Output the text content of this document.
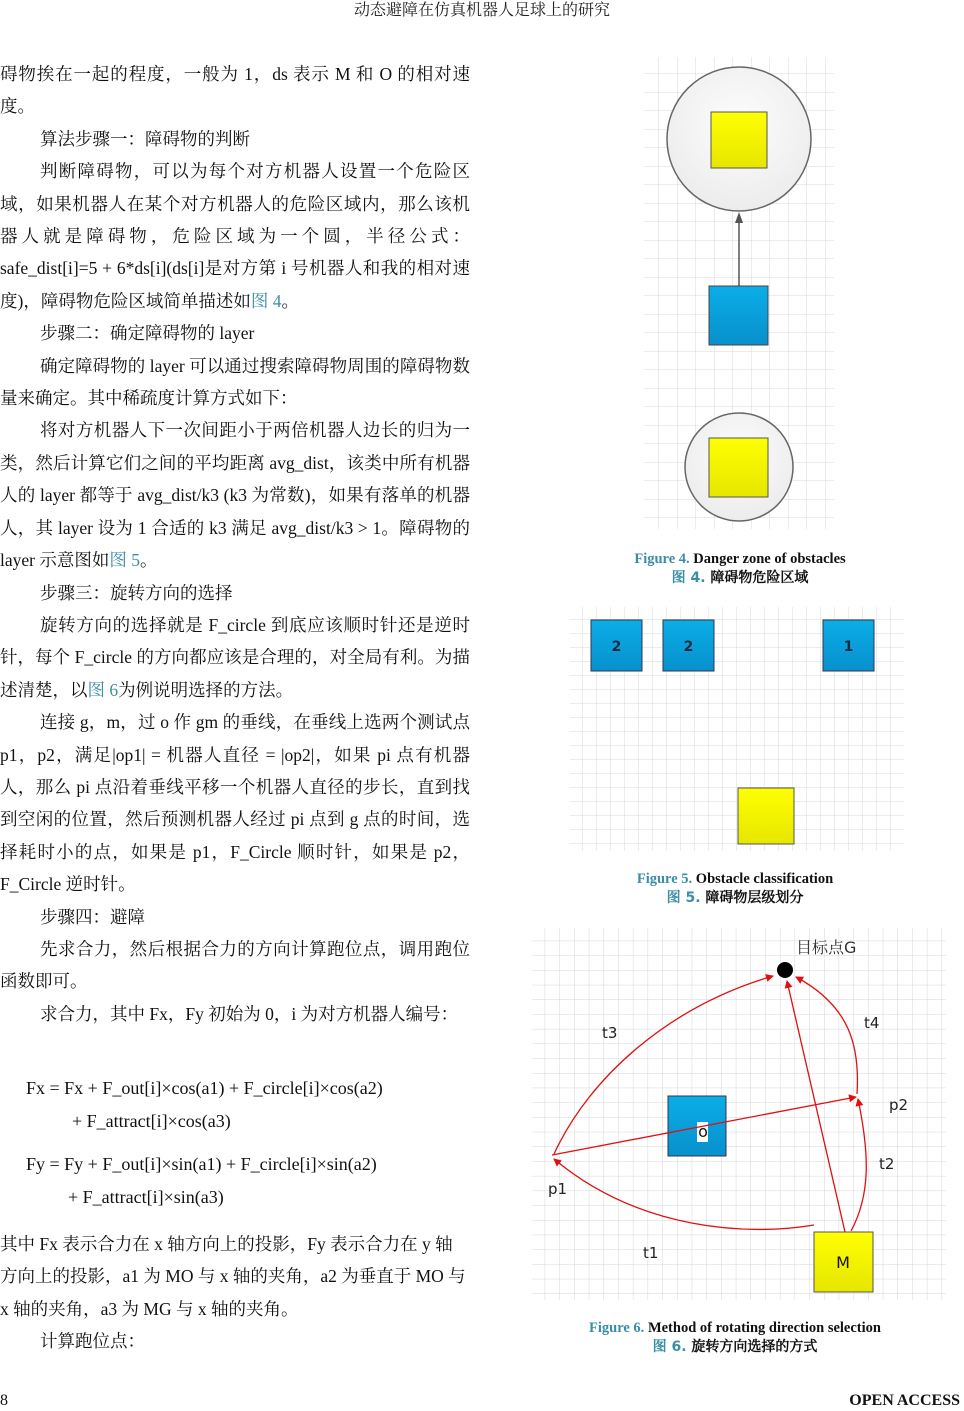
动态避障在仿真机器人足球上的研究

碍物挨在一起的程度，一般为 1，ds 表示 M 和 O 的相对速度。

算法步骤一：障碍物的判断

判断障碍物，可以为每个对方机器人设置一个危险区域，如果机器人在某个对方机器人的危险区域内，那么该机器人就是障碍物，危险区域为一个圆，半径公式：safe_dist[i]=5 + 6*ds[i](ds[i]是对方第 i 号机器人和我的相对速度)，障碍物危险区域简单描述如图 4。

步骤二：确定障碍物的 layer

确定障碍物的 layer 可以通过搜索障碍物周围的障碍物数量来确定。其中稀疏度计算方式如下：

将对方机器人下一次间距小于两倍机器人边长的归为一类，然后计算它们之间的平均距离 avg_dist，该类中所有机器人的 layer 都等于 avg_dist/k3 (k3 为常数)，如果有落单的机器人，其 layer 设为 1 合适的 k3 满足 avg_dist/k3 > 1。障碍物的 layer 示意图如图 5。

步骤三：旋转方向的选择

旋转方向的选择就是 F_circle 到底应该顺时针还是逆时针，每个 F_circle 的方向都应该是合理的，对全局有利。为描述清楚，以图 6为例说明选择的方法。

连接 g，m，过 o 作 gm 的垂线，在垂线上选两个测试点 p1，p2，满足|op1| = 机器人直径 = |op2|，如果 pi 点有机器人，那么 pi 点沿着垂线平移一个机器人直径的步长，直到找到空闲的位置，然后预测机器人经过 pi 点到 g 点的时间，选择耗时小的点，如果是 p1，F_Circle 顺时针，如果是 p2，F_Circle 逆时针。

步骤四：避障

先求合力，然后根据合力的方向计算跑位点，调用跑位函数即可。

求合力，其中 Fx，Fy 初始为 0，i 为对方机器人编号：

Fx = Fx + F_out[i]×cos(a1) + F_circle[i]×cos(a2)
+ F_attract[i]×cos(a3)
Fy = Fy + F_out[i]×sin(a1) + F_circle[i]×sin(a2)
+ F_attract[i]×sin(a3)

其中 Fx 表示合力在 x 轴方向上的投影，Fy 表示合力在 y 轴方向上的投影，a1 为 MO 与 x 轴的夹角，a2 为垂直于 MO 与 x 轴的夹角，a3 为 MG 与 x 轴的夹角。

计算跑位点：

Figure 4. Danger zone of obstacles
图 4. 障碍物危险区域
2	2	1
Figure 5. Obstacle classification
图 5. 障碍物层级划分
o
M
目标点G
t3
t4
p2
t2
p1
t1
Figure 6. Method of rotating direction selection
图 6. 旋转方向选择的方式
8	OPEN ACCESS
